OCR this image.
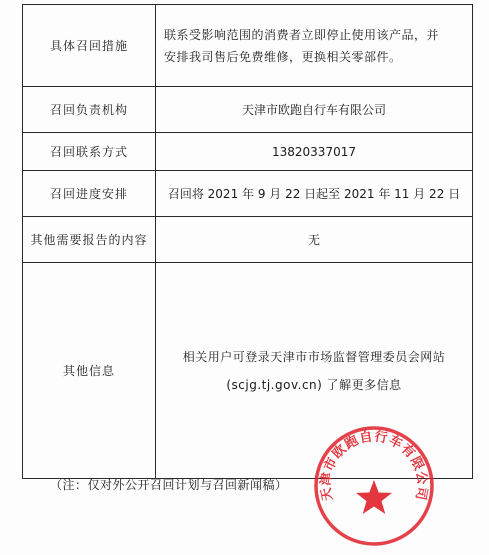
具体召回措施	联系受影响范围的消费者立即停止使用该产品，并
安排我司售后免费维修，更换相关零部件。

召回负责机构	天津市欧跑自行车有限公司
召回联系方式	13820337017
召回进度安排	召回将 2021 年 9 月 22 日起至 2021 年 11 月 22 日
其他需要报告的内容	无
其他信息	相关用户可登录天津市市场监督管理委员会网站
(scjg.tj.gov.cn) 了解更多信息
（注：仅对外公开召回计划与召回新闻稿）
天津市欧跑自行车有限公司
